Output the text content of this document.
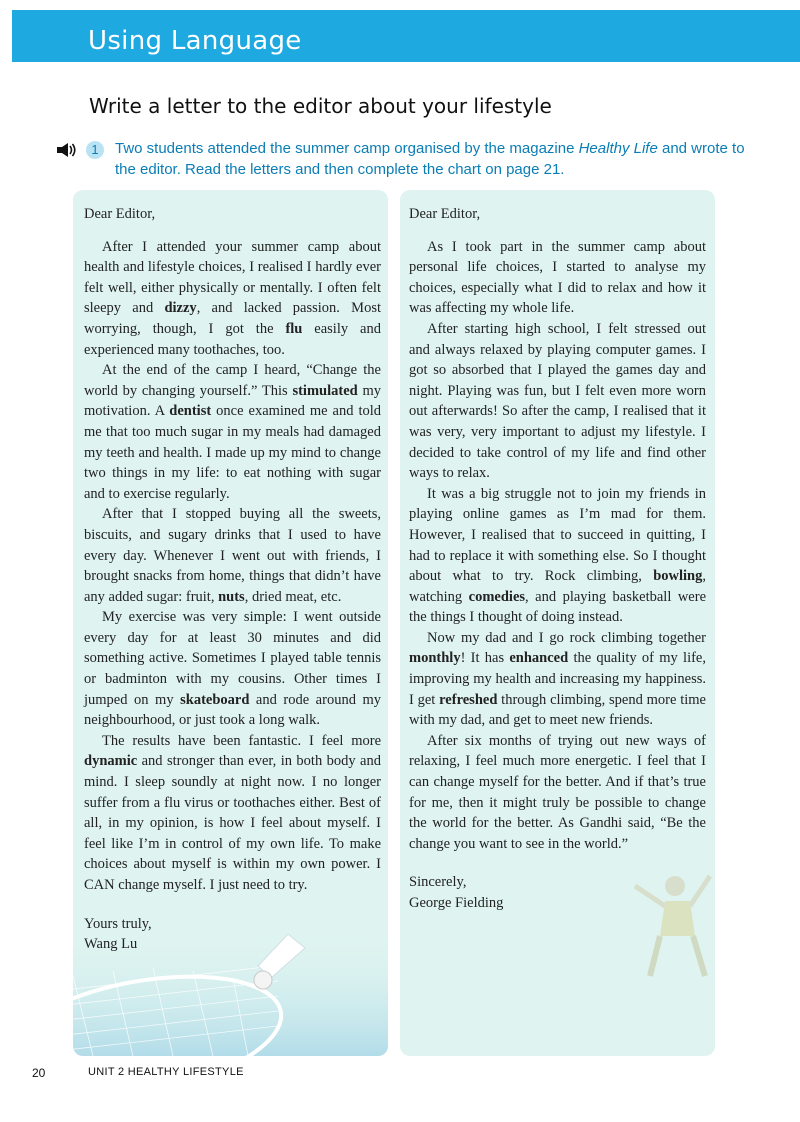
Using Language
Write a letter to the editor about your lifestyle
1	Two students attended the summer camp organised by the magazine Healthy Life and wrote to the editor. Read the letters and then complete the chart on page 21.

Dear Editor,

After I attended your summer camp about health and lifestyle choices, I realised I hardly ever felt well, either physically or mentally. I often felt sleepy and dizzy, and lacked passion. Most worrying, though, I got the flu easily and experienced many toothaches, too.

At the end of the camp I heard, “Change the world by changing yourself.” This stimulated my motivation. A dentist once examined me and told me that too much sugar in my meals had damaged my teeth and health. I made up my mind to change two things in my life: to eat nothing with sugar and to exercise regularly.

After that I stopped buying all the sweets, biscuits, and sugary drinks that I used to have every day. Whenever I went out with friends, I brought snacks from home, things that didn’t have any added sugar: fruit, nuts, dried meat, etc.

My exercise was very simple: I went outside every day for at least 30 minutes and did something active. Sometimes I played table tennis or badminton with my cousins. Other times I jumped on my skateboard and rode around my neighbourhood, or just took a long walk.

The results have been fantastic. I feel more dynamic and stronger than ever, in both body and mind. I sleep soundly at night now. I no longer suffer from a flu virus or toothaches either. Best of all, in my opinion, is how I feel about myself. I feel like I’m in control of my own life. To make choices about myself is within my own power. I CAN change myself. I just need to try.

Yours truly,

Wang Lu

Dear Editor,

As I took part in the summer camp about personal life choices, I started to analyse my choices, especially what I did to relax and how it was affecting my whole life.

After starting high school, I felt stressed out and always relaxed by playing computer games. I got so absorbed that I played the games day and night. Playing was fun, but I felt even more worn out afterwards! So after the camp, I realised that it was very, very important to adjust my lifestyle. I decided to take control of my life and find other ways to relax.

It was a big struggle not to join my friends in playing online games as I’m mad for them. However, I realised that to succeed in quitting, I had to replace it with something else. So I thought about what to try. Rock climbing, bowling, watching comedies, and playing basketball were the things I thought of doing instead.

Now my dad and I go rock climbing together monthly! It has enhanced the quality of my life, improving my health and increasing my happiness. I get refreshed through climbing, spend more time with my dad, and get to meet new friends.

After six months of trying out new ways of relaxing, I feel much more energetic. I feel that I can change myself for the better. And if that’s true for me, then it might truly be possible to change the world for the better. As Gandhi said, “Be the change you want to see in the world.”

Sincerely,

George Fielding

20	UNIT 2 HEALTHY LIFESTYLE
